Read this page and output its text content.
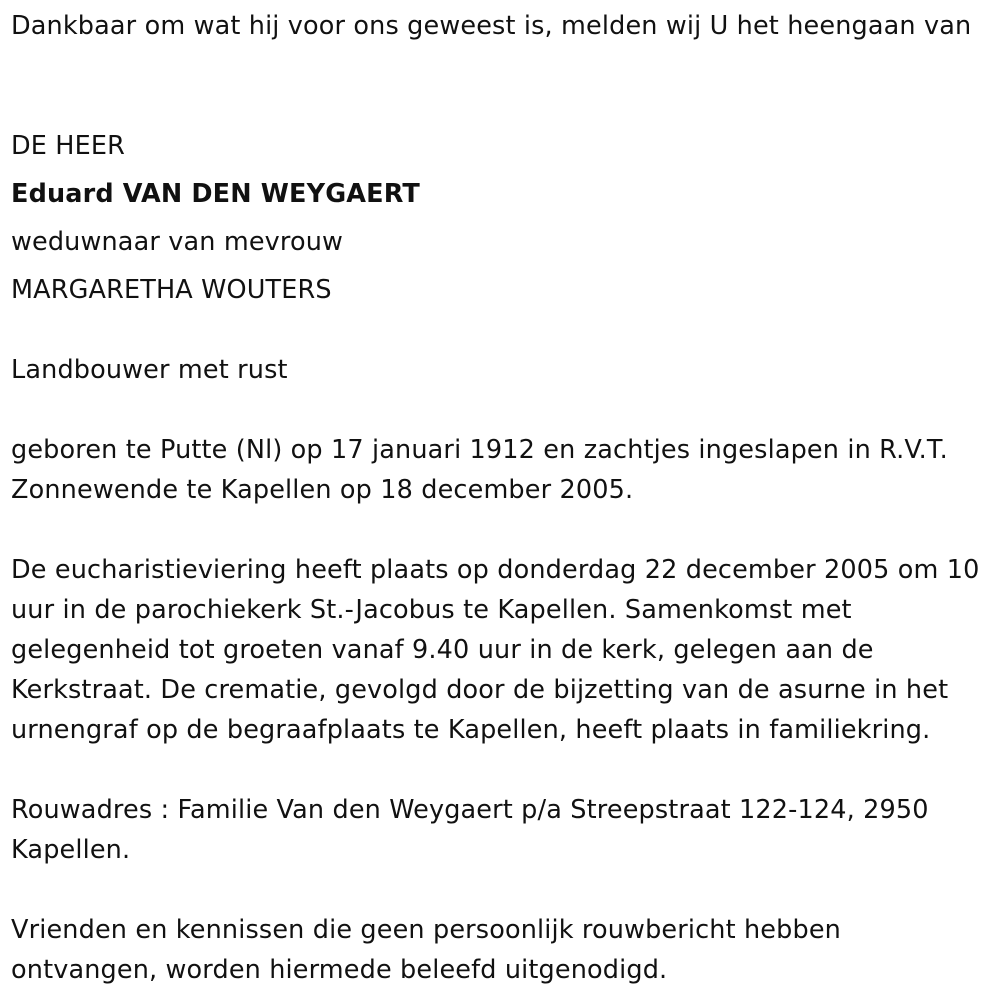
Dankbaar om wat hij voor ons geweest is, melden wij U het heengaan van
DE HEER
Eduard VAN DEN WEYGAERT
weduwnaar van mevrouw
MARGARETHA WOUTERS
Landbouwer met rust
geboren te Putte (Nl) op 17 januari 1912 en zachtjes ingeslapen in R.V.T. Zonnewende te Kapellen op 18 december 2005.
De eucharistieviering heeft plaats op donderdag 22 december 2005 om 10 uur in de parochiekerk St.-Jacobus te Kapellen. Samenkomst met gelegenheid tot groeten vanaf 9.40 uur in de kerk, gelegen aan de Kerkstraat. De crematie, gevolgd door de bijzetting van de asurne in het urnengraf op de begraafplaats te Kapellen, heeft plaats in familiekring.
Rouwadres : Familie Van den Weygaert p/a Streepstraat 122-124, 2950 Kapellen.
Vrienden en kennissen die geen persoonlijk rouwbericht hebben ontvangen, worden hiermede beleefd uitgenodigd.
